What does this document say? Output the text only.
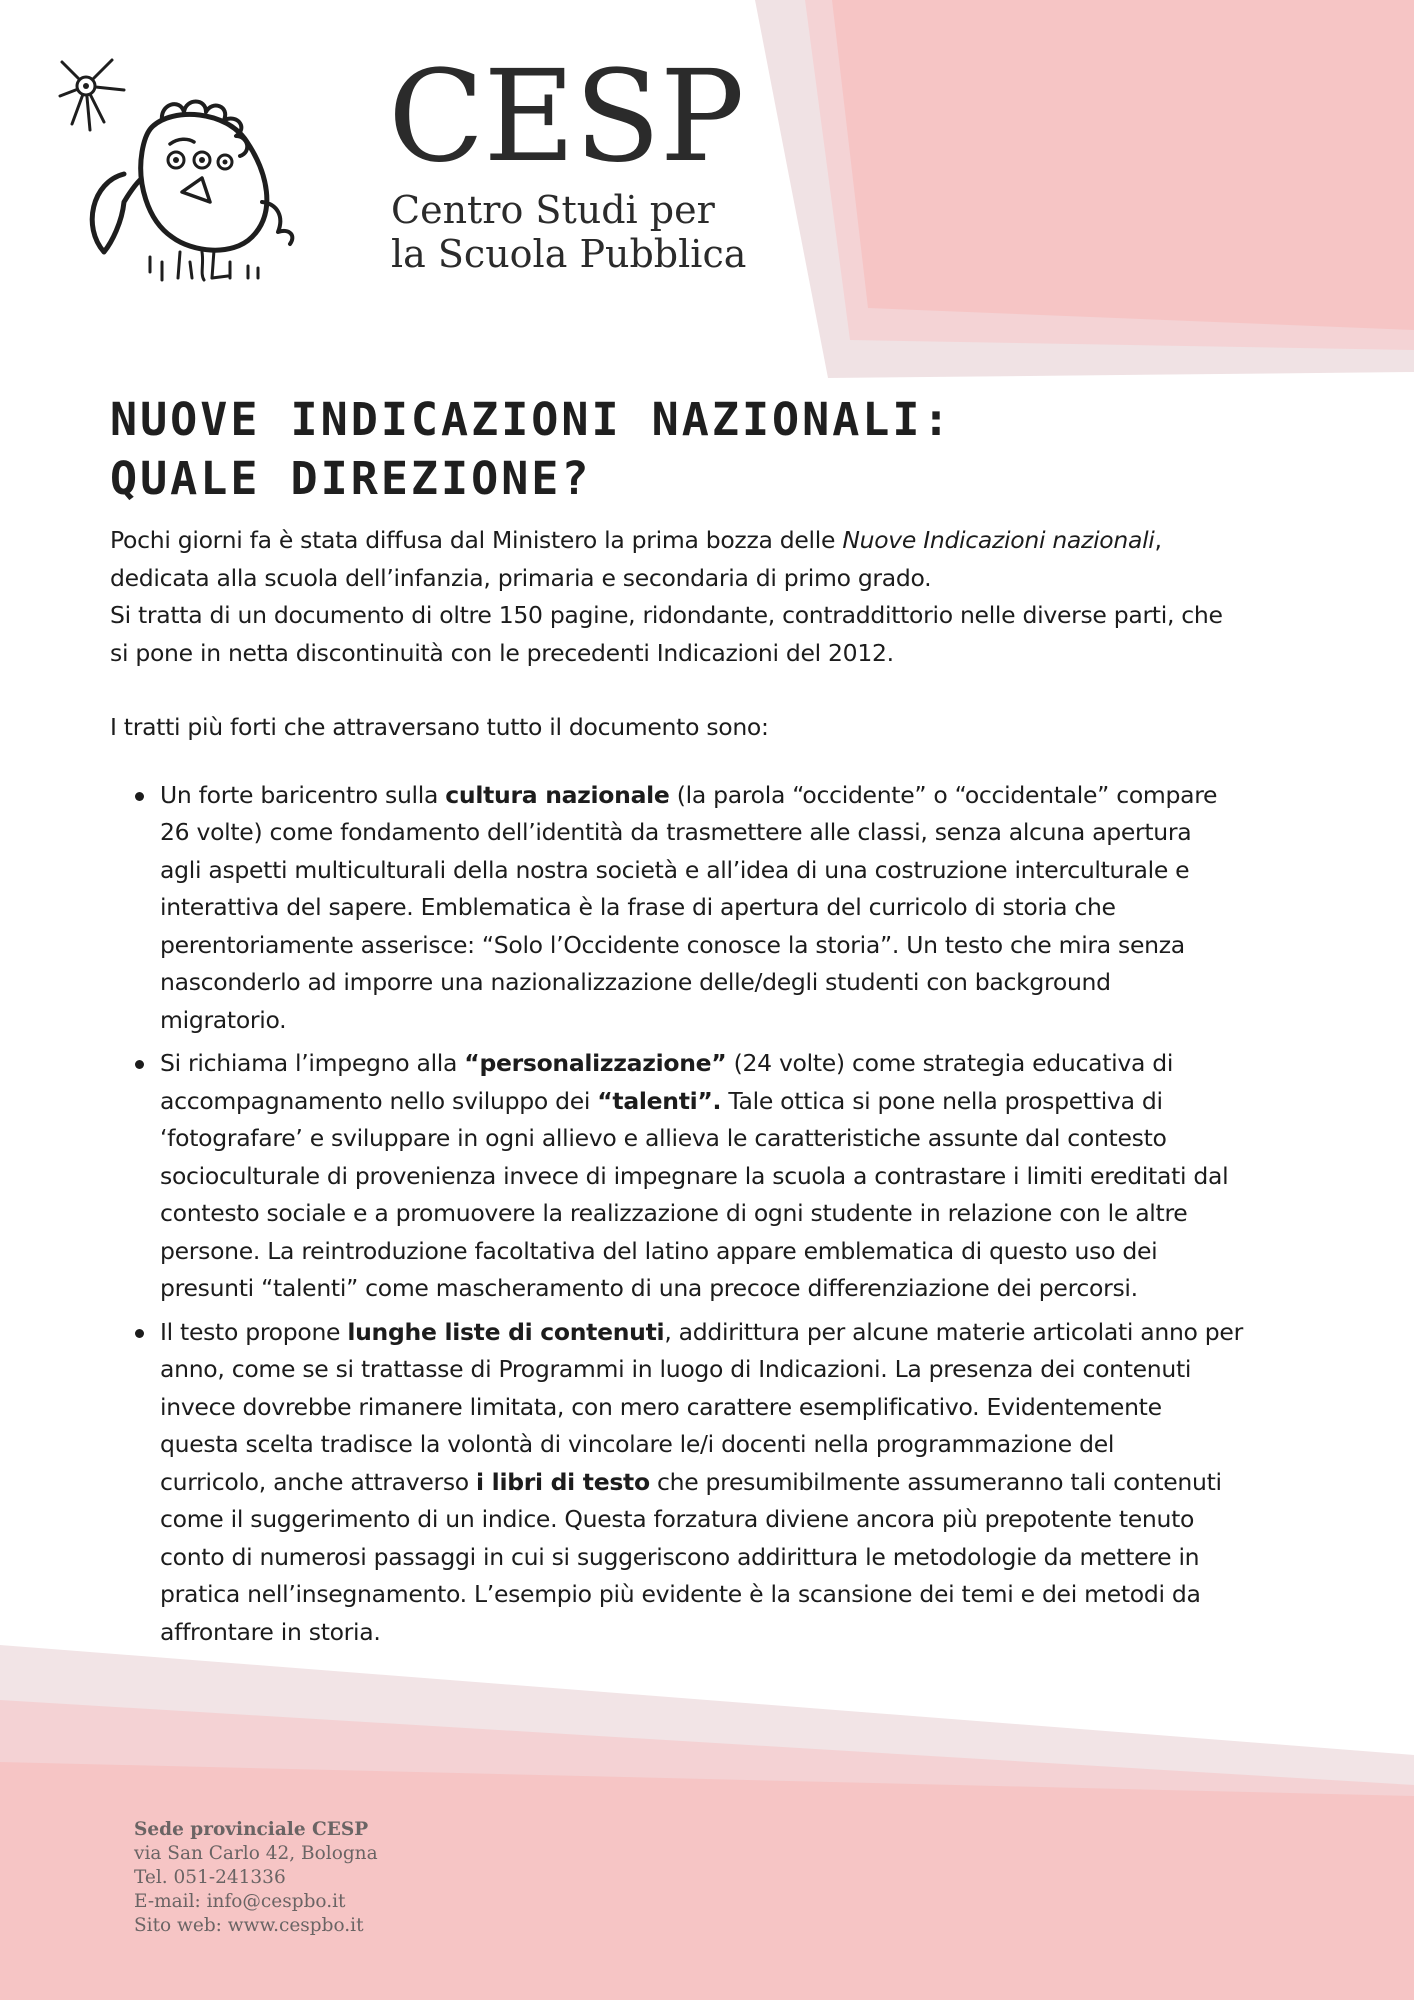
CESP
Centro Studi per
la Scuola Pubblica
NUOVE INDICAZIONI NAZIONALI:
QUALE DIREZIONE?

Pochi giorni fa è stata diffusa dal Ministero la prima bozza delle Nuove Indicazioni nazionali,
dedicata alla scuola dell’infanzia, primaria e secondaria di primo grado.
Si tratta di un documento di oltre 150 pagine, ridondante, contraddittorio nelle diverse parti, che
si pone in netta discontinuità con le precedenti Indicazioni del 2012.

I tratti più forti che attraversano tutto il documento sono:

Un forte baricentro sulla cultura nazionale (la parola “occidente” o “occidentale” compare
26 volte) come fondamento dell’identità da trasmettere alle classi, senza alcuna apertura
agli aspetti multiculturali della nostra società e all’idea di una costruzione interculturale e
interattiva del sapere. Emblematica è la frase di apertura del curricolo di storia che
perentoriamente asserisce: “Solo l’Occidente conosce la storia”. Un testo che mira senza
nasconderlo ad imporre una nazionalizzazione delle/degli studenti con background
migratorio.
Si richiama l’impegno alla “personalizzazione” (24 volte) come strategia educativa di
accompagnamento nello sviluppo dei “talenti”. Tale ottica si pone nella prospettiva di
‘fotografare’ e sviluppare in ogni allievo e allieva le caratteristiche assunte dal contesto
socioculturale di provenienza invece di impegnare la scuola a contrastare i limiti ereditati dal
contesto sociale e a promuovere la realizzazione di ogni studente in relazione con le altre
persone. La reintroduzione facoltativa del latino appare emblematica di questo uso dei
presunti “talenti” come mascheramento di una precoce differenziazione dei percorsi.
Il testo propone lunghe liste di contenuti, addirittura per alcune materie articolati anno per
anno, come se si trattasse di Programmi in luogo di Indicazioni. La presenza dei contenuti
invece dovrebbe rimanere limitata, con mero carattere esemplificativo. Evidentemente
questa scelta tradisce la volontà di vincolare le/i docenti nella programmazione del
curricolo, anche attraverso i libri di testo che presumibilmente assumeranno tali contenuti
come il suggerimento di un indice. Questa forzatura diviene ancora più prepotente tenuto
conto di numerosi passaggi in cui si suggeriscono addirittura le metodologie da mettere in
pratica nell’insegnamento. L’esempio più evidente è la scansione dei temi e dei metodi da
affrontare in storia.
Sede provinciale CESP
via San Carlo 42, Bologna
Tel. 051-241336
E-mail: info@cespbo.it
Sito web: www.cespbo.it
